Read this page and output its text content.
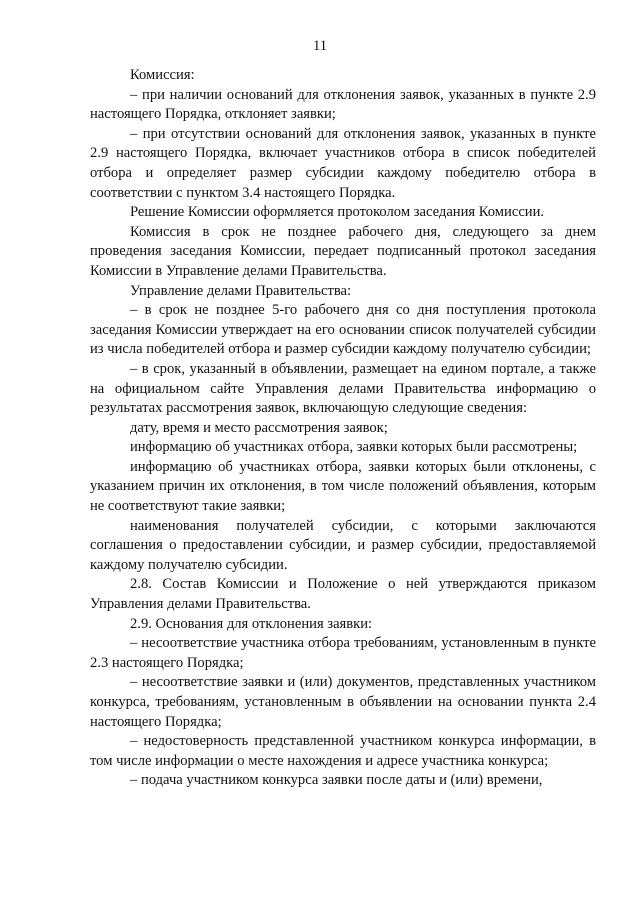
11

Комиссия:

– при наличии оснований для отклонения заявок, указанных в пункте 2.9 настоящего Порядка, отклоняет заявки;

– при отсутствии оснований для отклонения заявок, указанных в пункте 2.9 настоящего Порядка, включает участников отбора в список победителей отбора и определяет размер субсидии каждому победителю отбора в соответствии с пунктом 3.4 настоящего Порядка.

Решение Комиссии оформляется протоколом заседания Комиссии.

Комиссия в срок не позднее рабочего дня, следующего за днем проведения заседания Комиссии, передает подписанный протокол заседания Комиссии в Управление делами Правительства.

Управление делами Правительства:

– в срок не позднее 5-го рабочего дня со дня поступления протокола заседания Комиссии утверждает на его основании список получателей субсидии из числа победителей отбора и размер субсидии каждому получателю субсидии;

– в срок, указанный в объявлении, размещает на едином портале, а также на официальном сайте Управления делами Правительства информацию о результатах рассмотрения заявок, включающую следующие сведения:

дату, время и место рассмотрения заявок;

информацию об участниках отбора, заявки которых были рассмотрены;

информацию об участниках отбора, заявки которых были отклонены, с указанием причин их отклонения, в том числе положений объявления, которым не соответствуют такие заявки;

наименования получателей субсидии, с которыми заключаются соглашения о предоставлении субсидии, и размер субсидии, предоставляемой каждому получателю субсидии.

2.8. Состав Комиссии и Положение о ней утверждаются приказом Управления делами Правительства.

2.9. Основания для отклонения заявки:

– несоответствие участника отбора требованиям, установленным в пункте 2.3 настоящего Порядка;

– несоответствие заявки и (или) документов, представленных участником конкурса, требованиям, установленным в объявлении на основании пункта 2.4 настоящего Порядка;

– недостоверность представленной участником конкурса информации, в том числе информации о месте нахождения и адресе участника конкурса;

– подача участником конкурса заявки после даты и (или) времени,
